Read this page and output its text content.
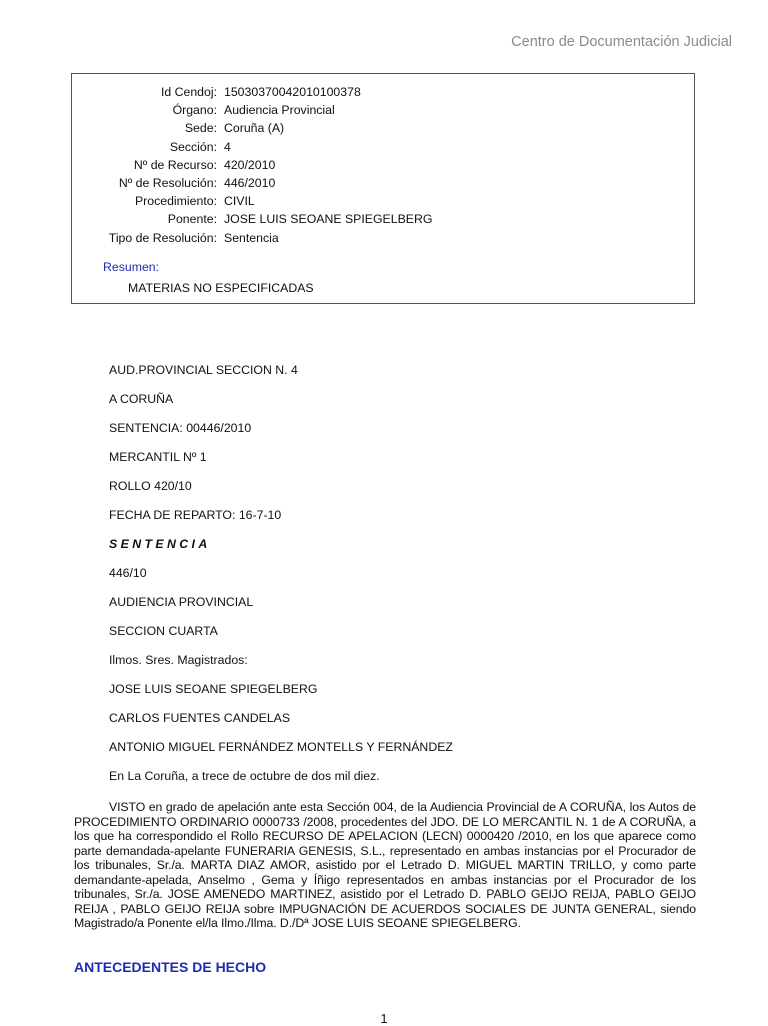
Centro de Documentación Judicial
Id Cendoj: 15030370042010100378
Órgano: Audiencia Provincial
Sede: Coruña (A)
Sección: 4
Nº de Recurso: 420/2010
Nº de Resolución: 446/2010
Procedimiento: CIVIL
Ponente: JOSE LUIS SEOANE SPIEGELBERG
Tipo de Resolución: Sentencia
Resumen:
MATERIAS NO ESPECIFICADAS
AUD.PROVINCIAL SECCION N. 4
A CORUÑA
SENTENCIA: 00446/2010
MERCANTIL Nº 1
ROLLO 420/10
FECHA DE REPARTO: 16-7-10
SENTENCIA
446/10
AUDIENCIA PROVINCIAL
SECCION CUARTA
Ilmos. Sres. Magistrados:
JOSE LUIS SEOANE SPIEGELBERG
CARLOS FUENTES CANDELAS
ANTONIO MIGUEL FERNÁNDEZ MONTELLS Y FERNÁNDEZ
En La Coruña, a trece de octubre de dos mil diez.
VISTO en grado de apelación ante esta Sección 004, de la Audiencia Provincial de A CORUÑA, los Autos de PROCEDIMIENTO ORDINARIO 0000733 /2008, procedentes del JDO. DE LO MERCANTIL N. 1 de A CORUÑA, a los que ha correspondido el Rollo RECURSO DE APELACION (LECN) 0000420 /2010, en los que aparece como parte demandada-apelante FUNERARIA GENESIS, S.L., representado en ambas instancias por el Procurador de los tribunales, Sr./a. MARTA DIAZ AMOR, asistido por el Letrado D. MIGUEL MARTIN TRILLO, y como parte demandante-apelada, Anselmo , Gema y Íñigo representados en ambas instancias por el Procurador de los tribunales, Sr./a. JOSE AMENEDO MARTINEZ, asistido por el Letrado D. PABLO GEIJO REIJA, PABLO GEIJO REIJA , PABLO GEIJO REIJA sobre IMPUGNACIÓN DE ACUERDOS SOCIALES DE JUNTA GENERAL, siendo Magistrado/a Ponente el/la Ilmo./Ilma. D./Dª JOSE LUIS SEOANE SPIEGELBERG.
ANTECEDENTES DE HECHO
1
